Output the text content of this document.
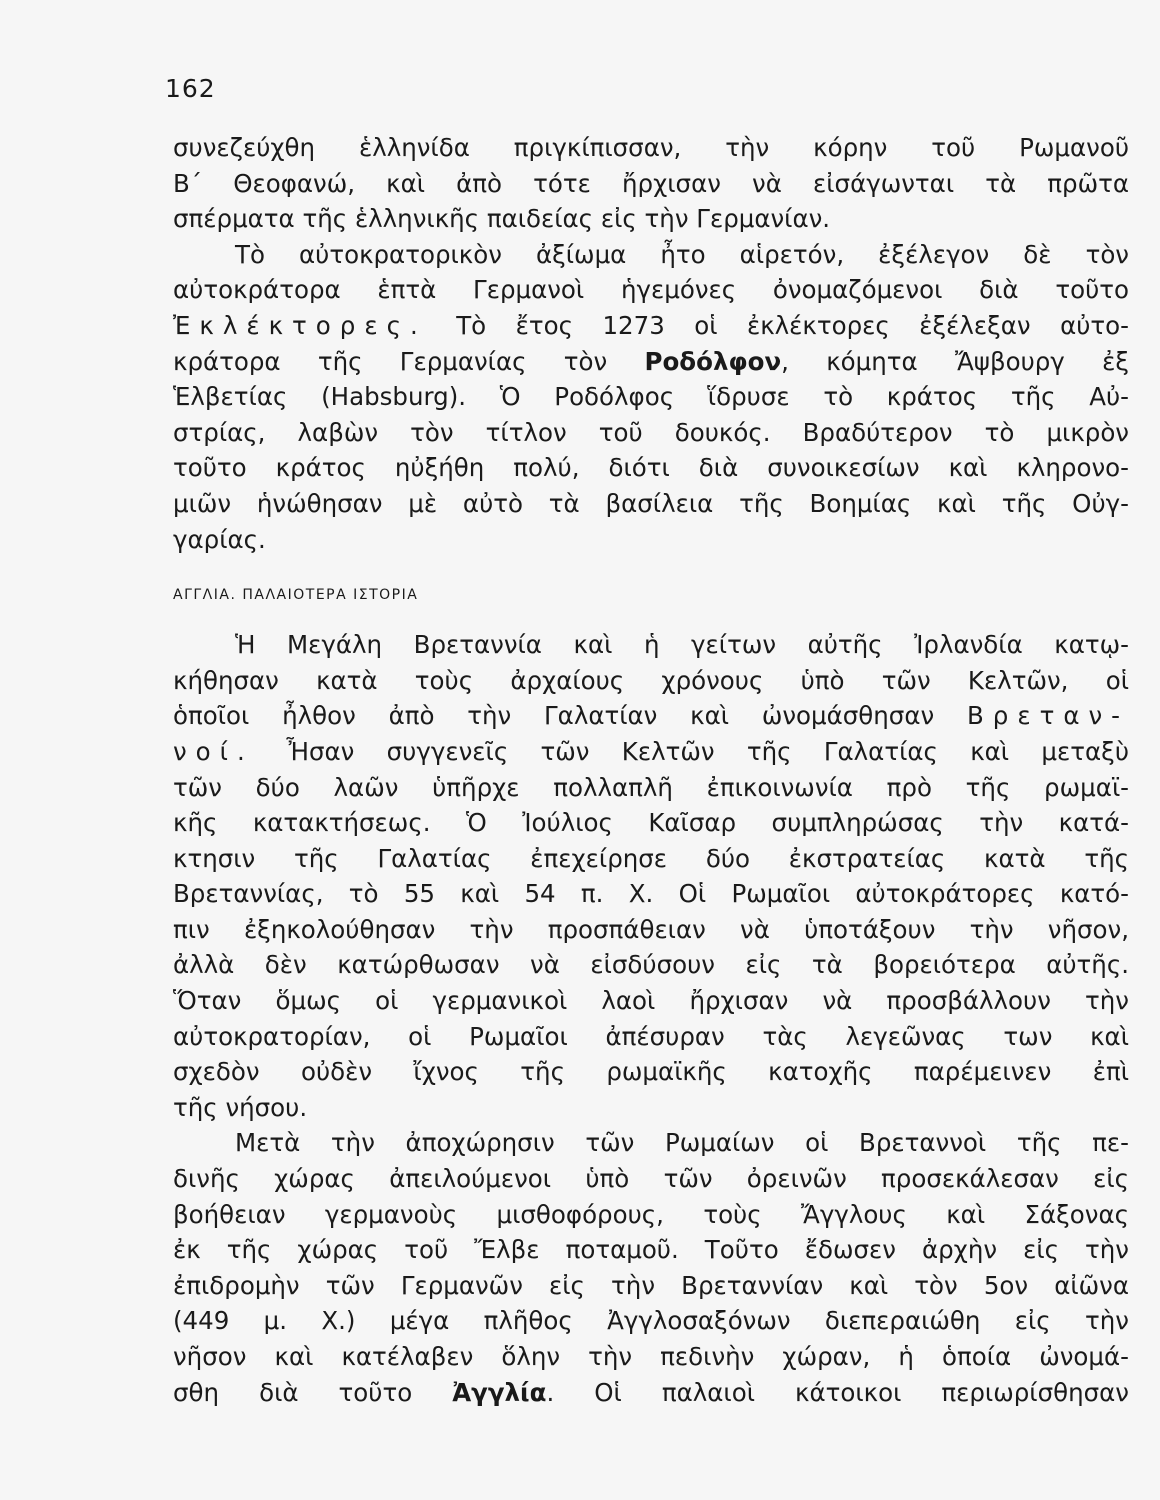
162
συνεζεύχθη ἑλληνίδα πριγκίπισσαν, τὴν κόρην τοῦ Ρωμανοῦ
Β΄ Θεοφανώ, καὶ ἀπὸ τότε ἤρχισαν νὰ εἰσάγωνται τὰ πρῶτα
σπέρματα τῆς ἑλληνικῆς παιδείας εἰς τὴν Γερμανίαν.
Τὸ αὐτοκρατορικὸν ἀξίωμα ἦτο αἱρετόν, ἐξέλεγον δὲ τὸν
αὐτοκράτορα ἑπτὰ Γερμανοὶ ἡγεμόνες ὀνομαζόμενοι διὰ τοῦτο
Ἐκλέκτορες. Τὸ ἔτος 1273 οἱ ἐκλέκτορες ἐξέλεξαν αὐτο-
κράτορα τῆς Γερμανίας τὸν Ροδόλφον, κόμητα Ἄψβουργ ἐξ
Ἑλβετίας (Habsburg). Ὁ Ροδόλφος ἵδρυσε τὸ κράτος τῆς Αὐ-
στρίας, λαβὼν τὸν τίτλον τοῦ δουκός. Βραδύτερον τὸ μικρὸν
τοῦτο κράτος ηὐξήθη πολύ, διότι διὰ συνοικεσίων καὶ κληρονο-
μιῶν ἡνώθησαν μὲ αὐτὸ τὰ βασίλεια τῆς Βοημίας καὶ τῆς Οὐγ-
γαρίας.
ΑΓΓΛΙΑ. ΠΑΛΑΙΟΤΕΡΑ ΙΣΤΟΡΙΑ
Ἡ Μεγάλη Βρεταννία καὶ ἡ γείτων αὐτῆς Ἰρλανδία κατῳ-
κήθησαν κατὰ τοὺς ἀρχαίους χρόνους ὑπὸ τῶν Κελτῶν, οἱ
ὁποῖοι ἦλθον ἀπὸ τὴν Γαλατίαν καὶ ὠνομάσθησαν Βρεταν-
νοί. Ἦσαν συγγενεῖς τῶν Κελτῶν τῆς Γαλατίας καὶ μεταξὺ
τῶν δύο λαῶν ὑπῆρχε πολλαπλῆ ἐπικοινωνία πρὸ τῆς ρωμαϊ-
κῆς κατακτήσεως. Ὁ Ἰούλιος Καῖσαρ συμπληρώσας τὴν κατά-
κτησιν τῆς Γαλατίας ἐπεχείρησε δύο ἐκστρατείας κατὰ τῆς
Βρεταννίας, τὸ 55 καὶ 54 π. Χ. Οἱ Ρωμαῖοι αὐτοκράτορες κατό-
πιν ἐξηκολούθησαν τὴν προσπάθειαν νὰ ὑποτάξουν τὴν νῆσον,
ἀλλὰ δὲν κατώρθωσαν νὰ εἰσδύσουν εἰς τὰ βορειότερα αὐτῆς.
Ὅταν ὅμως οἱ γερμανικοὶ λαοὶ ἤρχισαν νὰ προσβάλλουν τὴν
αὐτοκρατορίαν, οἱ Ρωμαῖοι ἀπέσυραν τὰς λεγεῶνας των καὶ
σχεδὸν οὐδὲν ἴχνος τῆς ρωμαϊκῆς κατοχῆς παρέμεινεν ἐπὶ
τῆς νήσου.
Μετὰ τὴν ἀποχώρησιν τῶν Ρωμαίων οἱ Βρεταννοὶ τῆς πε-
δινῆς χώρας ἀπειλούμενοι ὑπὸ τῶν ὀρεινῶν προσεκάλεσαν εἰς
βοήθειαν γερμανοὺς μισθοφόρους, τοὺς Ἄγγλους καὶ Σάξονας
ἐκ τῆς χώρας τοῦ Ἔλβε ποταμοῦ. Τοῦτο ἔδωσεν ἀρχὴν εἰς τὴν
ἐπιδρομὴν τῶν Γερμανῶν εἰς τὴν Βρεταννίαν καὶ τὸν 5ον αἰῶνα
(449 μ. Χ.) μέγα πλῆθος Ἀγγλοσαξόνων διεπεραιώθη εἰς τὴν
νῆσον καὶ κατέλαβεν ὅλην τὴν πεδινὴν χώραν, ἡ ὁποία ὠνομά-
σθη διὰ τοῦτο Ἀγγλία. Οἱ παλαιοὶ κάτοικοι περιωρίσθησαν
